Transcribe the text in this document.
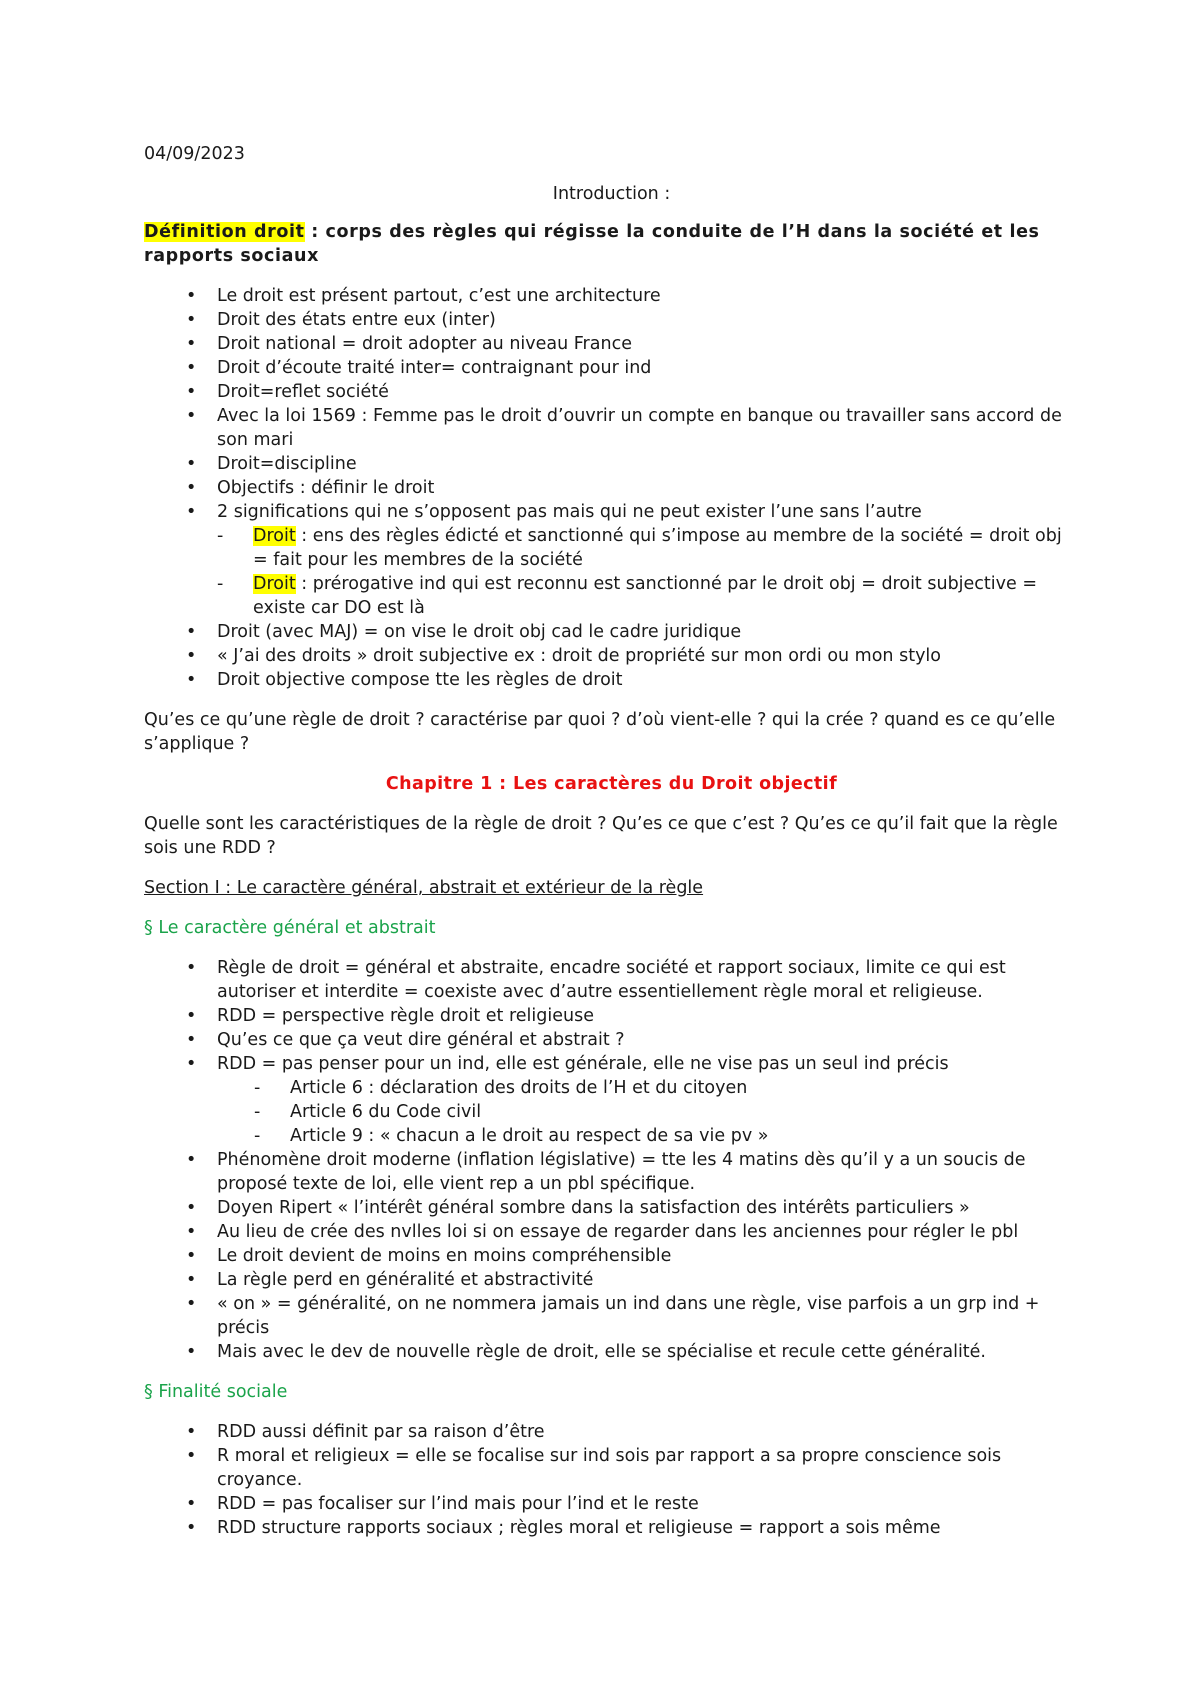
04/09/2023

Introduction :

Définition droit : corps des règles qui régisse la conduite de l’H dans la société et les rapports sociaux

• Le droit est présent partout, c’est une architecture
• Droit des états entre eux (inter)
• Droit national = droit adopter au niveau France
• Droit d’écoute traité inter= contraignant pour ind
• Droit=reflet société
• Avec la loi 1569 : Femme pas le droit d’ouvrir un compte en banque ou travailler sans accord de son mari
• Droit=discipline
• Objectifs : définir le droit
• 2 significations qui ne s’opposent pas mais qui ne peut exister l’une sans l’autre
- Droit : ens des règles édicté et sanctionné qui s’impose au membre de la société = droit obj = fait pour les membres de la société
- Droit : prérogative ind qui est reconnu est sanctionné par le droit obj = droit subjective = existe car DO est là
• Droit (avec MAJ) = on vise le droit obj cad le cadre juridique
• « J’ai des droits » droit subjective ex : droit de propriété sur mon ordi ou mon stylo
• Droit objective compose tte les règles de droit

Qu’es ce qu’une règle de droit ? caractérise par quoi ? d’où vient-elle ? qui la crée ? quand es ce qu’elle s’applique ?

Chapitre 1 : Les caractères du Droit objectif

Quelle sont les caractéristiques de la règle de droit ? Qu’es ce que c’est ? Qu’es ce qu’il fait que la règle sois une RDD ?

Section I : Le caractère général, abstrait et extérieur de la règle

§ Le caractère général et abstrait

• Règle de droit = général et abstraite, encadre société et rapport sociaux, limite ce qui est autoriser et interdite = coexiste avec d’autre essentiellement règle moral et religieuse.
• RDD = perspective règle droit et religieuse
• Qu’es ce que ça veut dire général et abstrait ?
• RDD = pas penser pour un ind, elle est générale, elle ne vise pas un seul ind précis
- Article 6 : déclaration des droits de l’H et du citoyen
- Article 6 du Code civil
- Article 9 : « chacun a le droit au respect de sa vie pv »
• Phénomène droit moderne (inflation législative) = tte les 4 matins dès qu’il y a un soucis de proposé texte de loi, elle vient rep a un pbl spécifique.
• Doyen Ripert « l’intérêt général sombre dans la satisfaction des intérêts particuliers »
• Au lieu de crée des nvlles loi si on essaye de regarder dans les anciennes pour régler le pbl
• Le droit devient de moins en moins compréhensible
• La règle perd en généralité et abstractivité
• « on » = généralité, on ne nommera jamais un ind dans une règle, vise parfois a un grp ind + précis
• Mais avec le dev de nouvelle règle de droit, elle se spécialise et recule cette généralité.

§ Finalité sociale

• RDD aussi définit par sa raison d’être
• R moral et religieux = elle se focalise sur ind sois par rapport a sa propre conscience sois croyance.
• RDD = pas focaliser sur l’ind mais pour l’ind et le reste
• RDD structure rapports sociaux ; règles moral et religieuse = rapport a sois même
